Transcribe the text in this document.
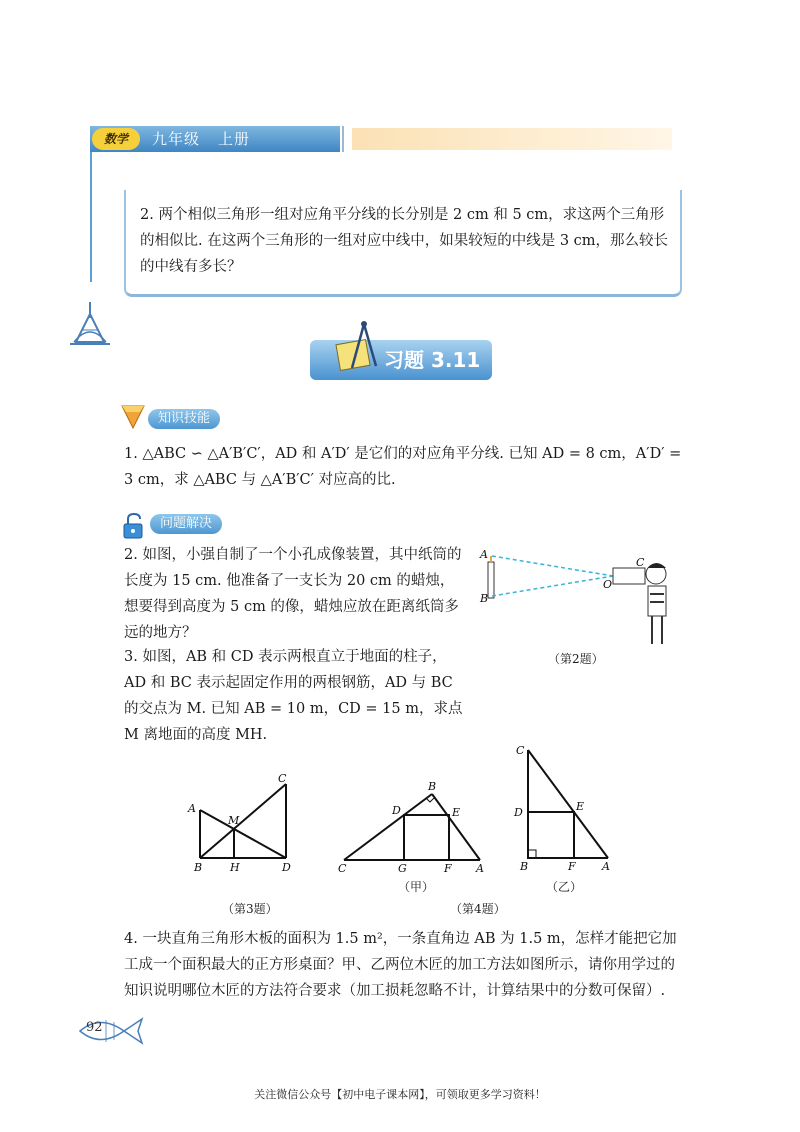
数学	九年级 上册
2. 两个相似三角形一组对应角平分线的长分别是 2 cm 和 5 cm，求这两个三角形的相似比. 在这两个三角形的一组对应中线中，如果较短的中线是 3 cm，那么较长的中线有多长？
习题 3.11
知识技能
1. △ABC ∽ △A′B′C′，AD 和 A′D′ 是它们的对应角平分线. 已知 AD = 8 cm，A′D′ = 3 cm，求 △ABC 与 △A′B′C′ 对应高的比.
问题解决
2. 如图，小强自制了一个小孔成像装置，其中纸筒的长度为 15 cm. 他准备了一支长为 20 cm 的蜡烛，想要得到高度为 5 cm 的像，蜡烛应放在距离纸筒多远的地方？
3. 如图，AB 和 CD 表示两根直立于地面的柱子，AD 和 BC 表示起固定作用的两根钢筋，AD 与 BC 的交点为 M. 已知 AB = 10 m，CD = 15 m，求点 M 离地面的高度 MH.
A
B
C
O
（第2题）
A
M
C
B	H	D
（第3题）
B
D	E
C	G	F A
（甲）
C
D	E
B	F A
（乙）
（第4题）
4. 一块直角三角形木板的面积为 1.5 m²，一条直角边 AB 为 1.5 m，怎样才能把它加工成一个面积最大的正方形桌面？甲、乙两位木匠的加工方法如图所示，请你用学过的知识说明哪位木匠的方法符合要求（加工损耗忽略不计，计算结果中的分数可保留）.
92
关注微信公众号【初中电子课本网】，可领取更多学习资料！
